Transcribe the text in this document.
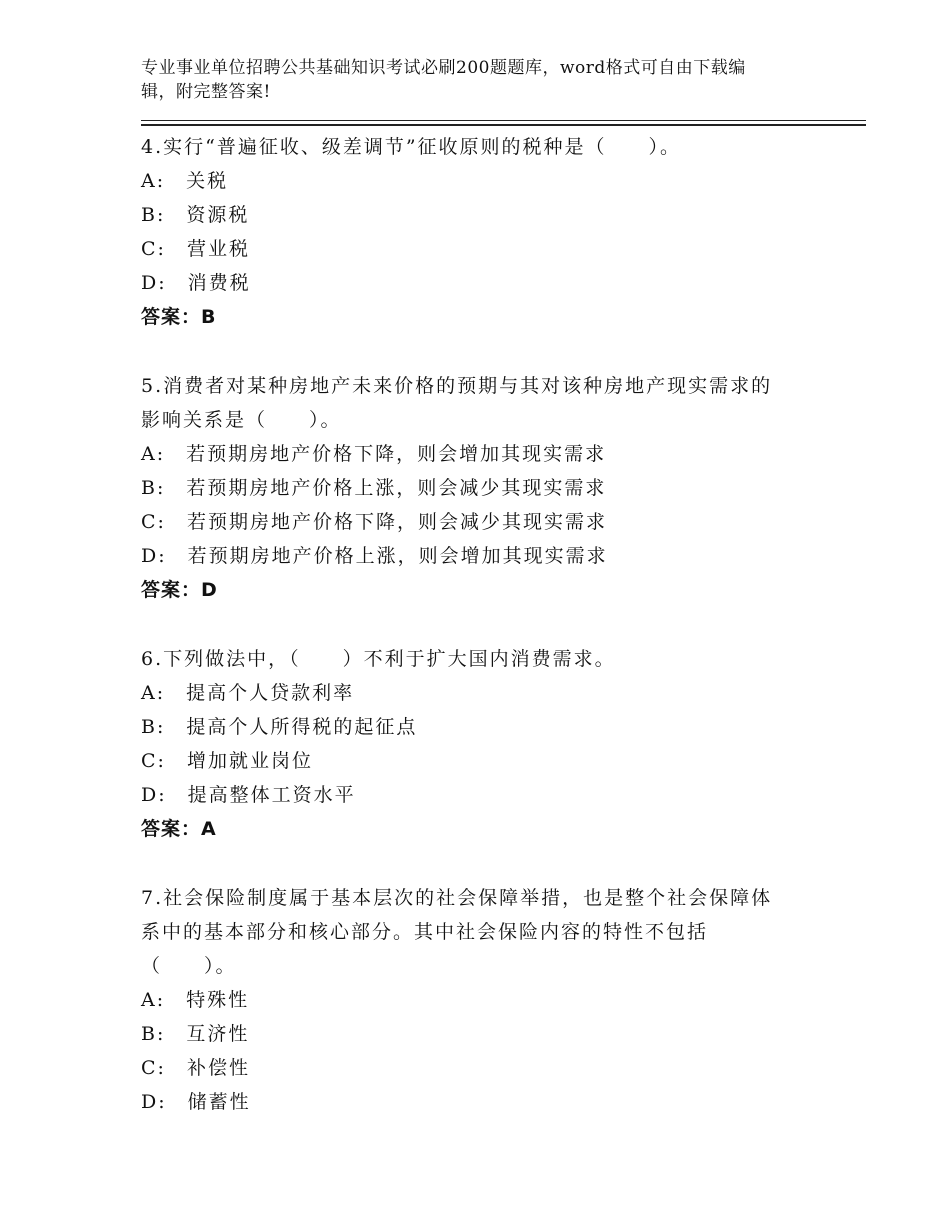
专业事业单位招聘公共基础知识考试必刷200题题库，word格式可自由下载编
辑，附完整答案!
4.实行“普遍征收、级差调节”征收原则的税种是（　　）。
A:　关税
B:　资源税
C:　营业税
D:　消费税
答案：B
5.消费者对某种房地产未来价格的预期与其对该种房地产现实需求的
影响关系是（　　）。
A:　若预期房地产价格下降，则会增加其现实需求
B:　若预期房地产价格上涨，则会减少其现实需求
C:　若预期房地产价格下降，则会减少其现实需求
D:　若预期房地产价格上涨，则会增加其现实需求
答案：D
6.下列做法中，（　　）不利于扩大国内消费需求。
A:　提高个人贷款利率
B:　提高个人所得税的起征点
C:　增加就业岗位
D:　提高整体工资水平
答案：A
7.社会保险制度属于基本层次的社会保障举措，也是整个社会保障体
系中的基本部分和核心部分。其中社会保险内容的特性不包括
（　　）。
A:　特殊性
B:　互济性
C:　补偿性
D:　储蓄性
